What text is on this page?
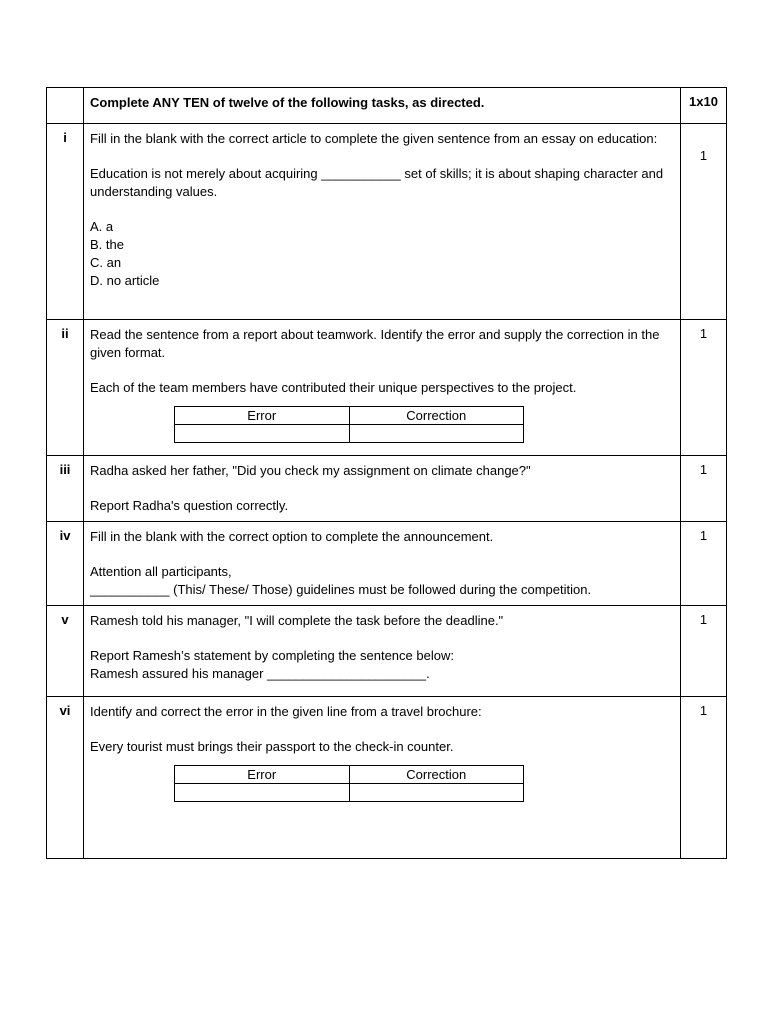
	Complete ANY TEN of twelve of the following tasks, as directed.	1x10
i	Fill in the blank with the correct article to complete the given sentence from an essay on education:

Education is not merely about acquiring ___________ set of skills; it is about shaping character and understanding values.

A. a

B. the

C. an

D. no article

1
ii	Read the sentence from a report about teamwork. Identify the error and supply the correction in the given format.

Each of the team members have contributed their unique perspectives to the project.

Error	Correction

	1
iii	Radha asked her father, "Did you check my assignment on climate change?"

Report Radha's question correctly.

	1
iv	Fill in the blank with the correct option to complete the announcement.

Attention all participants,

___________ (This/ These/ Those) guidelines must be followed during the competition.

	1
v	Ramesh told his manager, "I will complete the task before the deadline."

Report Ramesh’s statement by completing the sentence below:

Ramesh assured his manager ______________________.

	1
vi	Identify and correct the error in the given line from a travel brochure:

Every tourist must brings their passport to the check-in counter.

Error	Correction

	1
